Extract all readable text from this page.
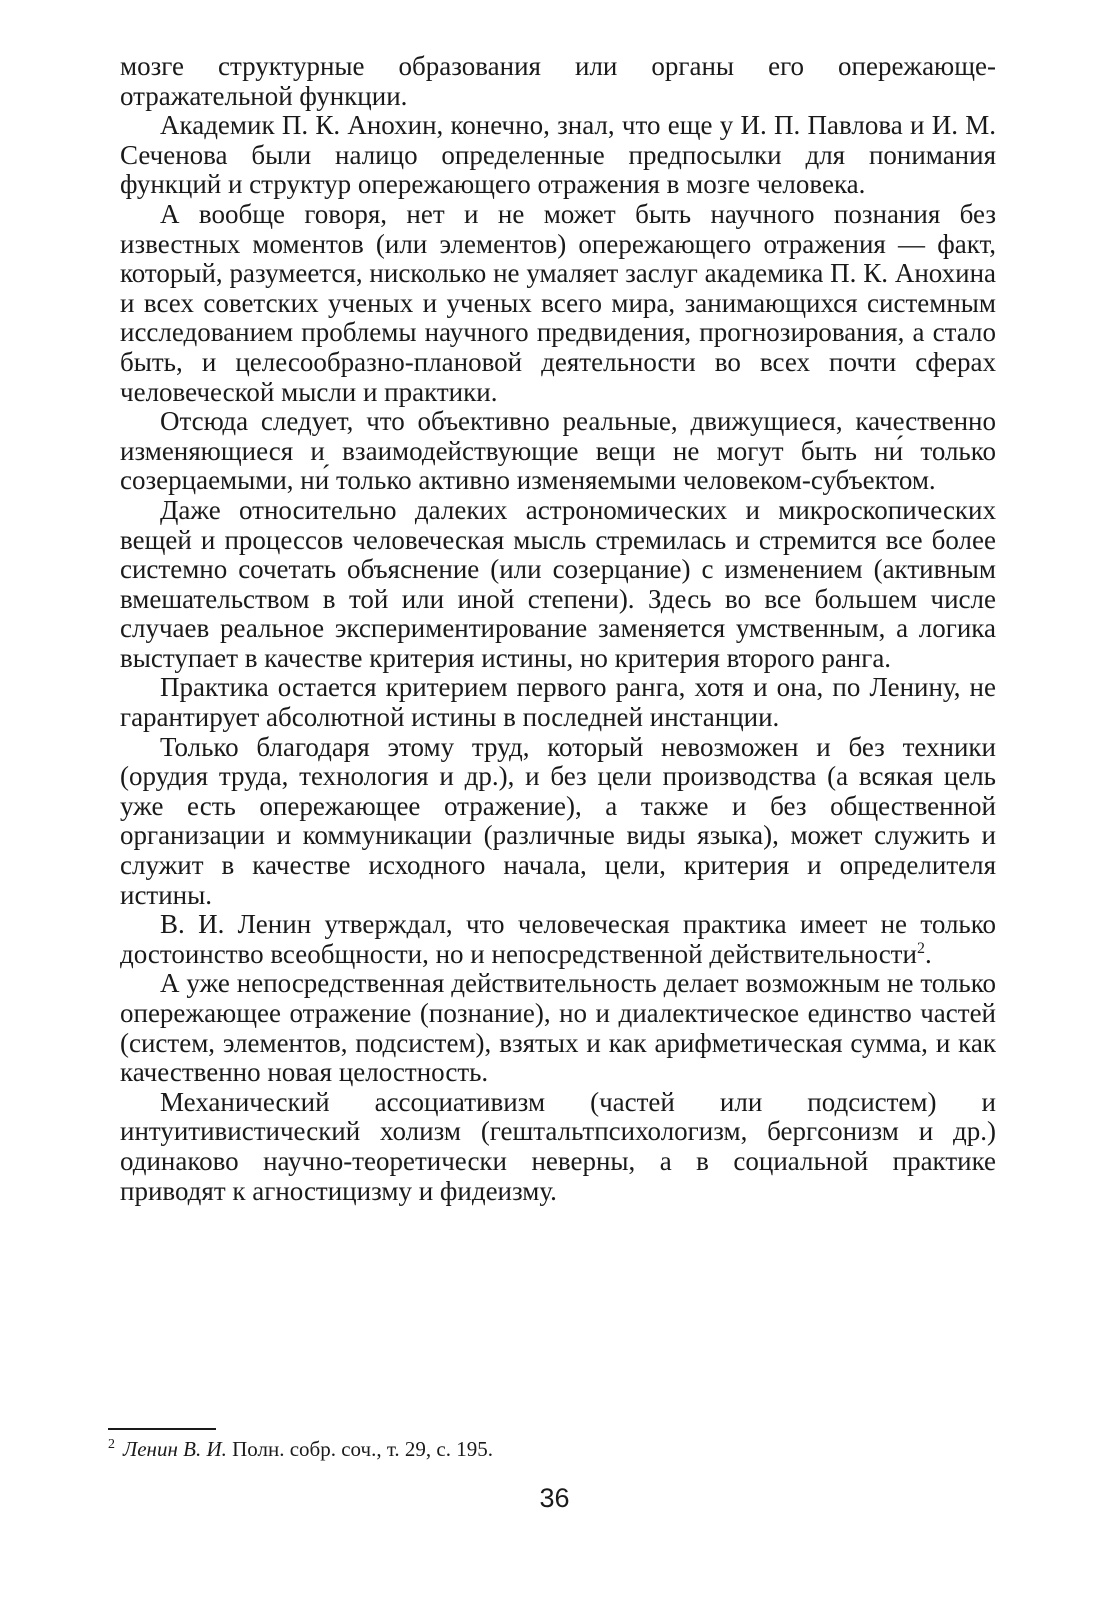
мозге структурные образования или органы его опережающе-отражательной функции.

Академик П. К. Анохин, конечно, знал, что еще у И. П. Павлова и И. М. Сеченова были налицо определенные предпосылки для понимания функций и структур опережающего отражения в мозге человека.

А вообще говоря, нет и не может быть научного познания без известных моментов (или элементов) опережающего отражения — факт, который, разумеется, нисколько не умаляет заслуг академика П. К. Анохина и всех советских ученых и ученых всего мира, занимающихся системным исследованием проблемы научного предвидения, прогнозирования, а стало быть, и целесообразно-плановой деятельности во всех почти сферах человеческой мысли и практики.

Отсюда следует, что объективно реальные, движущиеся, качественно изменяющиеся и взаимодействующие вещи не могут быть ни́ только созерцаемыми, ни́ только активно изменяемыми человеком-субъектом.

Даже относительно далеких астрономических и микроскопических вещей и процессов человеческая мысль стремилась и стремится все более системно сочетать объяснение (или созерцание) с изменением (активным вмешательством в той или иной степени). Здесь во все большем числе случаев реальное экспериментирование заменяется умственным, а логика выступает в качестве критерия истины, но критерия второго ранга.

Практика остается критерием первого ранга, хотя и она, по Ленину, не гарантирует абсолютной истины в последней инстанции.

Только благодаря этому труд, который невозможен и без техники (орудия труда, технология и др.), и без цели производства (а всякая цель уже есть опережающее отражение), а также и без общественной организации и коммуникации (различные виды языка), может служить и служит в качестве исходного начала, цели, критерия и определителя истины.

В. И. Ленин утверждал, что человеческая практика имеет не только достоинство всеобщности, но и непосредственной действительности$^2$.

А уже непосредственная действительность делает возможным не только опережающее отражение (познание), но и диалектическое единство частей (систем, элементов, подсистем), взятых и как арифметическая сумма, и как качественно новая целостность.

Механический ассоциативизм (частей или подсистем) и интуитивистический холизм (гештальтпсихологизм, бергсонизм и др.) одинаково научно-теоретически неверны, а в социальной практике приводят к агностицизму и фидеизму.

$^2$ Ленин В. И. Полн. собр. соч., т. 29, с. 195.
36
